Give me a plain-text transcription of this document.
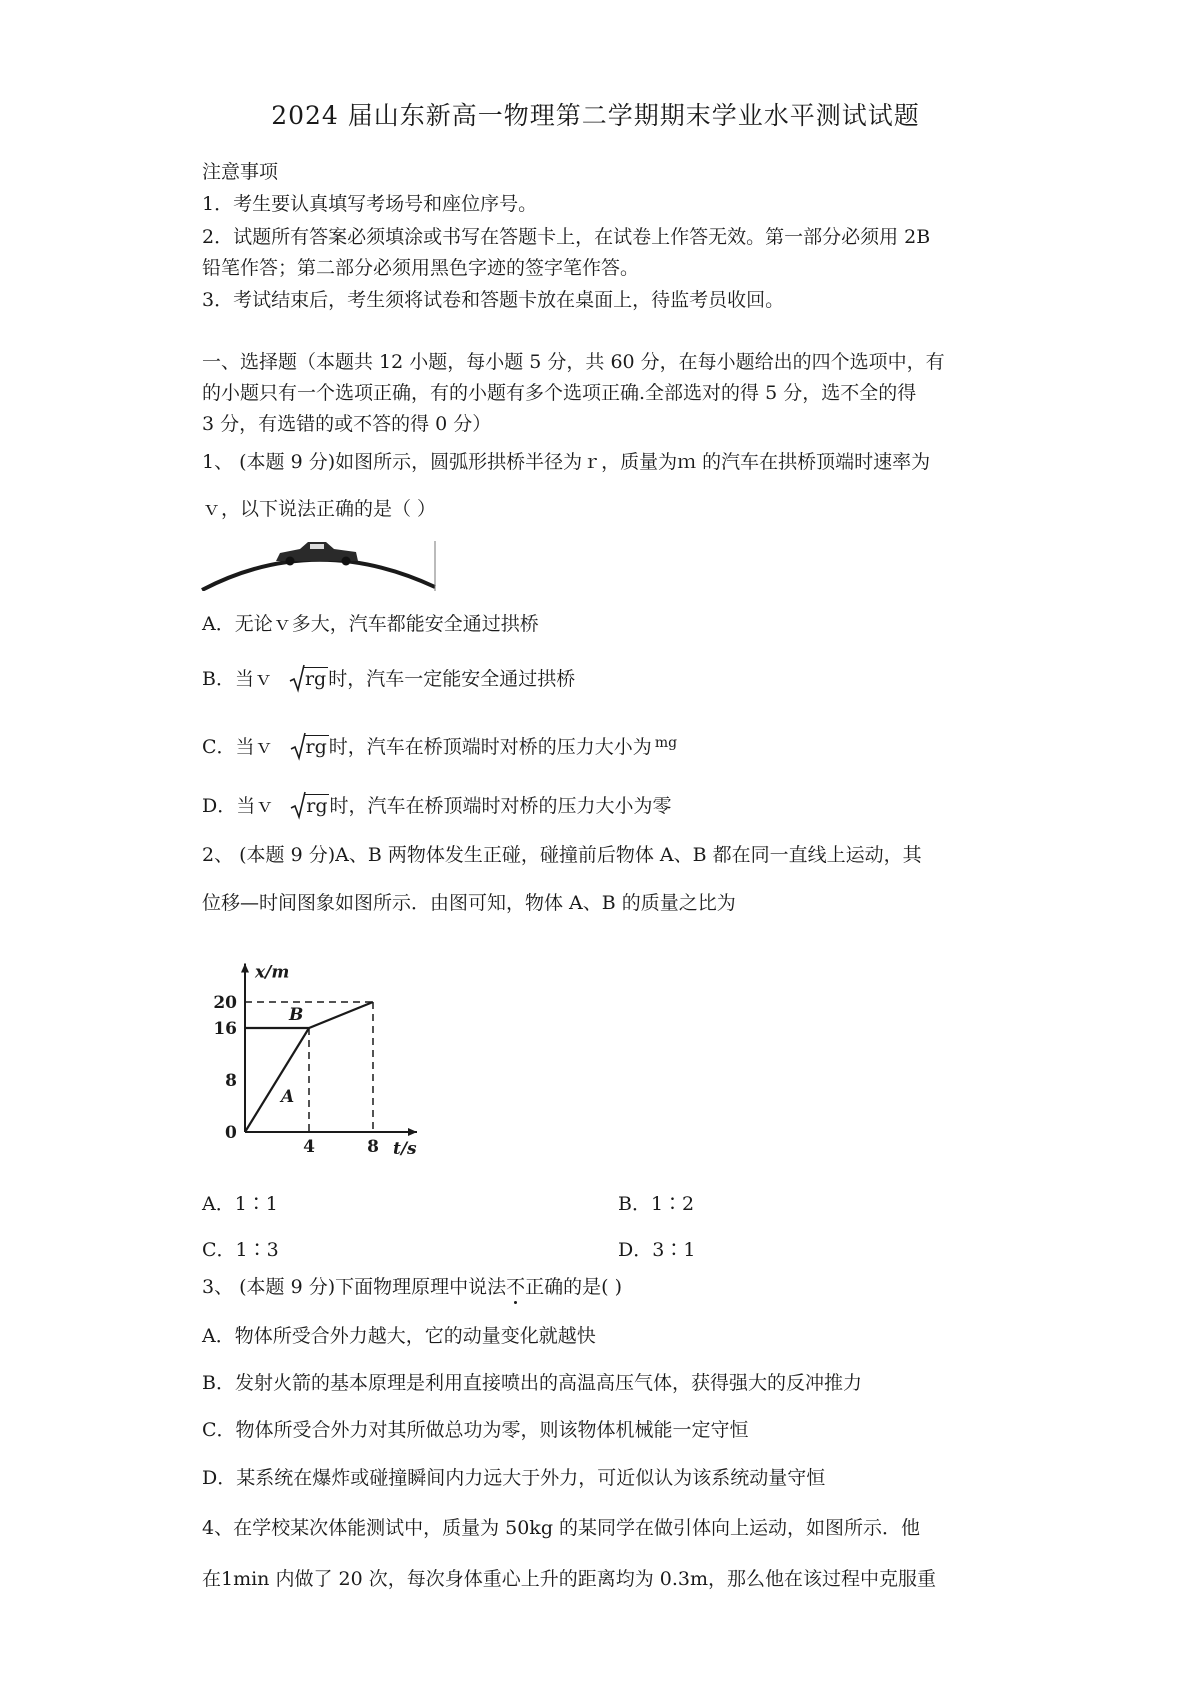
2024 届山东新高一物理第二学期期末学业水平测试试题
注意事项
1．考生要认真填写考场号和座位序号。
2．试题所有答案必须填涂或书写在答题卡上，在试卷上作答无效。第一部分必须用 2B
铅笔作答；第二部分必须用黑色字迹的签字笔作答。
3．考试结束后，考生须将试卷和答题卡放在桌面上，待监考员收回。
一、选择题（本题共 12 小题，每小题 5 分，共 60 分，在每小题给出的四个选项中，有
的小题只有一个选项正确，有的小题有多个选项正确.全部选对的得 5 分，选不全的得
3 分，有选错的或不答的得 0 分）
1、 (本题 9 分)如图所示，圆弧形拱桥半径为ｒ，质量为ｍ 的汽车在拱桥顶端时速率为
ｖ，以下说法正确的是（ ）
A．无论ｖ多大，汽车都能安全通过拱桥
B．当ｖ rg 时，汽车一定能安全通过拱桥
C．当ｖ rg 时，汽车在桥顶端时对桥的压力大小为 $^{mg}$
D．当ｖ rg 时，汽车在桥顶端时对桥的压力大小为零
2、 (本题 9 分)A、B 两物体发生正碰，碰撞前后物体 A、B 都在同一直线上运动，其
位移—时间图象如图所示．由图可知，物体 A、B 的质量之比为
x/m
t/s
0
8
16
20
4	8
A
B
A．1∶1	B．1∶2
C．1∶3	D．3∶1
3、 (本题 9 分)下面物理原理中说法不正确的是( )
A．物体所受合外力越大，它的动量变化就越快
B．发射火箭的基本原理是利用直接喷出的高温高压气体，获得强大的反冲推力
C．物体所受合外力对其所做总功为零，则该物体机械能一定守恒
D．某系统在爆炸或碰撞瞬间内力远大于外力，可近似认为该系统动量守恒
4、在学校某次体能测试中，质量为 50kg 的某同学在做引体向上运动，如图所示．他
在1min 内做了 20 次，每次身体重心上升的距离均为 0.3m，那么他在该过程中克服重
